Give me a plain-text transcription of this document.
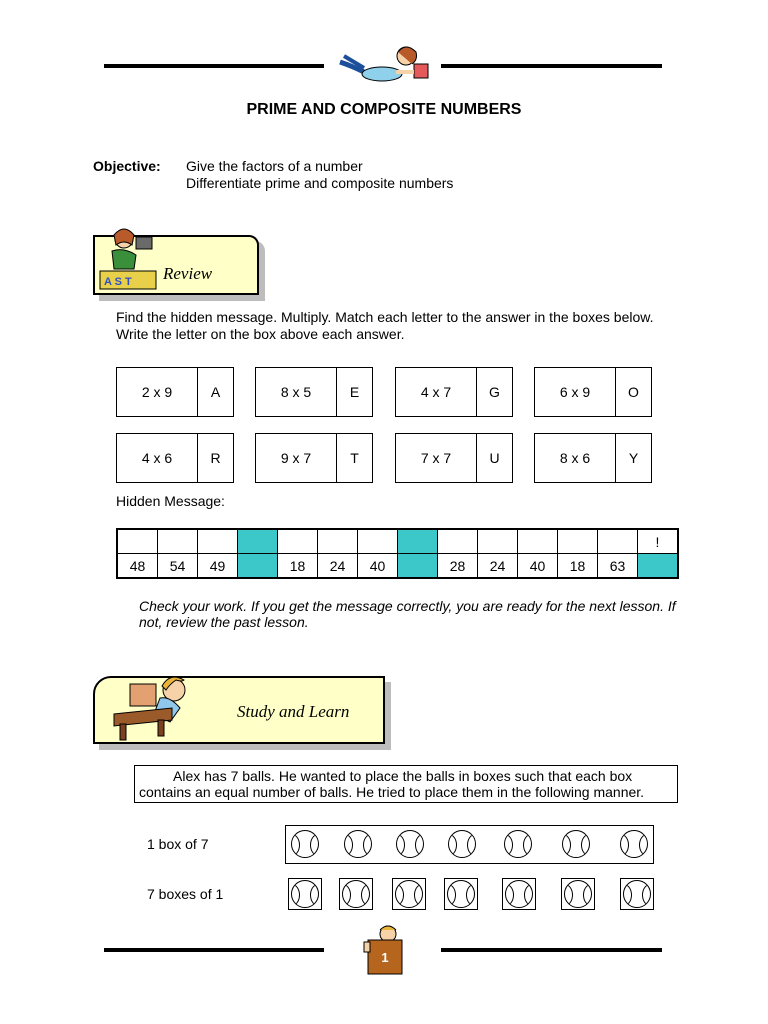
PRIME AND COMPOSITE NUMBERS
Objective: Give the factors of a number
Differentiate prime and composite numbers
A S T Review
Find the hidden message. Multiply. Match each letter to the answer in the boxes below. Write the letter on the box above each answer.
2 x 9	A	8 x 5	E	4 x 7	G	6 x 9	O
4 x 6	R	9 x 7	T	7 x 7	U	8 x 6	Y
Hidden Message:
													!
48	54	49		18	24	40		28	24	40	18	63	
Check your work. If you get the message correctly, you are ready for the next lesson. If not, review the past lesson.
Study and Learn
Alex has 7 balls. He wanted to place the balls in boxes such that each box contains an equal number of balls. He tried to place them in the following manner.
1 box of 7
7 boxes of 1
1
